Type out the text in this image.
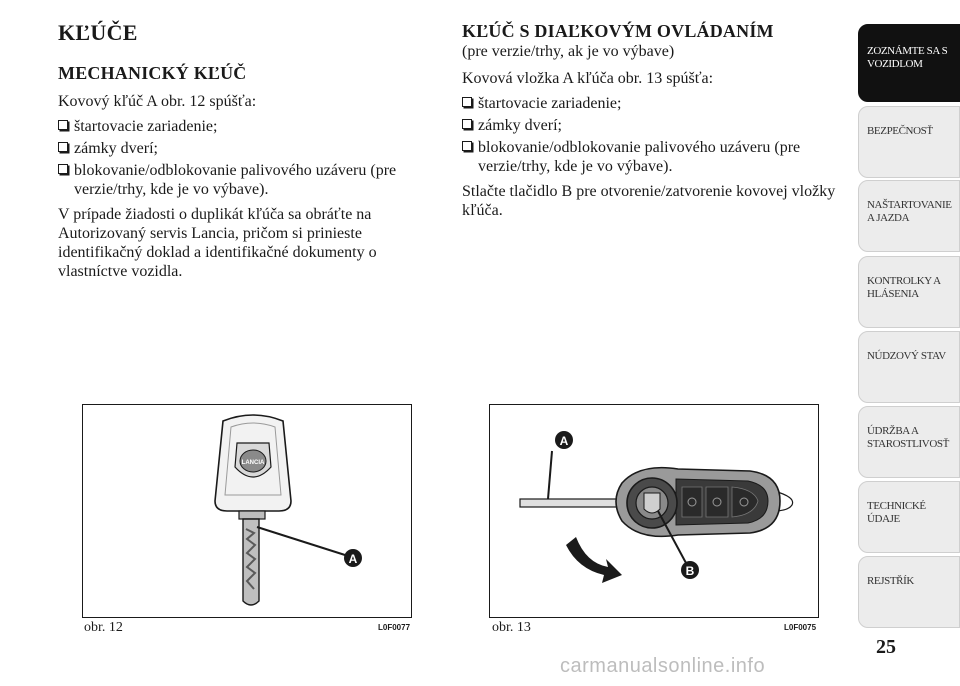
KĽÚČE
MECHANICKÝ KĽÚČ

Kovový kľúč A obr. 12 spúšťa:

štartovacie zariadenie;
zámky dverí;
blokovanie/odblokovanie palivového uzáveru (pre verzie/trhy, kde je vo výbave).

V prípade žiadosti o duplikát kľúča sa obráťte na Autorizovaný servis Lancia, pričom si prinieste identifikačný doklad a identifikačné dokumenty o vlastníctve vozidla.

KĽÚČ S DIAĽKOVÝM OVLÁDANÍM

(pre verzie/trhy, ak je vo výbave)

Kovová vložka A kľúča obr. 13 spúšťa:

štartovacie zariadenie;
zámky dverí;
blokovanie/odblokovanie palivového uzáveru (pre verzie/trhy, kde je vo výbave).

Stlačte tlačidlo B pre otvorenie/zatvorenie kovovej vložky kľúča.

LANCIA
A
obr. 12	L0F0077
A
B
obr. 13	L0F0075
ZOZNÁMTE SA S VOZIDLOM
BEZPEČNOSŤ
NAŠTARTOVANIE A JAZDA
KONTROLKY A HLÁSENIA
NÚDZOVÝ STAV
ÚDRŽBA A STAROSTLIVOSŤ
TECHNICKÉ ÚDAJE
REJSTŘÍK
25
carmanualsonline.info
